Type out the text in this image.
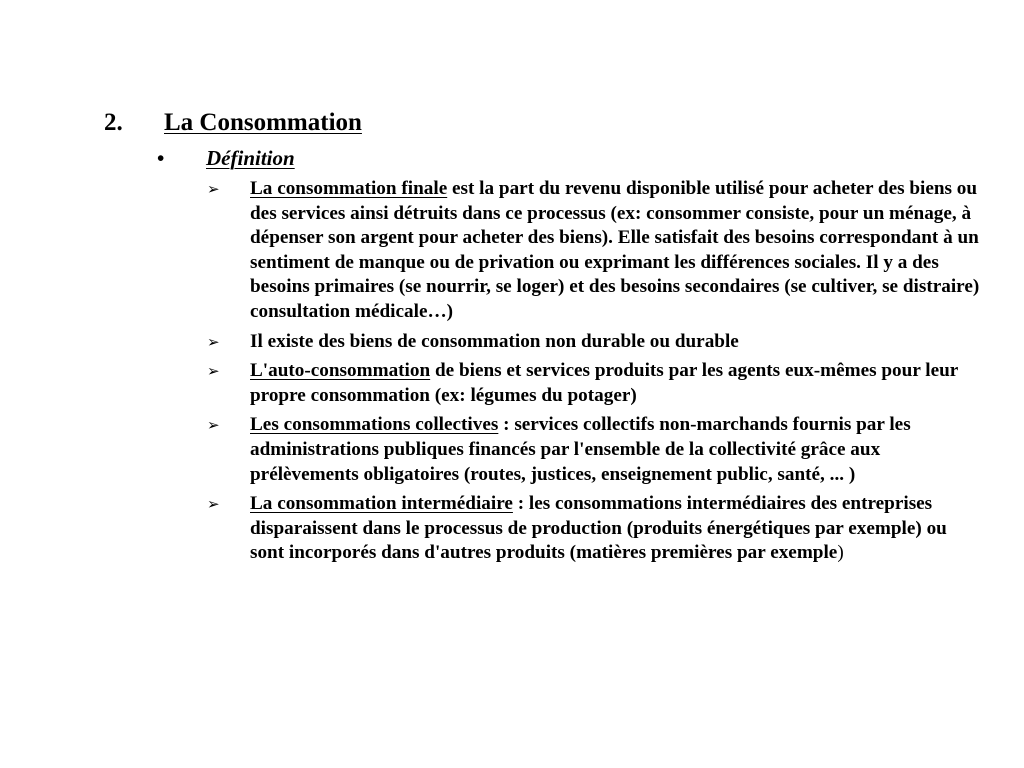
2. La Consommation
• Définition
➢ La consommation finale est la part du revenu disponible utilisé pour acheter des biens ou des services ainsi détruits dans ce processus (ex: consommer consiste, pour un ménage, à dépenser son argent pour acheter des biens). Elle satisfait des besoins correspondant à un sentiment de manque ou de privation ou exprimant les différences sociales. Il y a des besoins primaires (se nourrir, se loger) et des besoins secondaires (se cultiver, se distraire) consultation médicale…)
➢ Il existe des biens de consommation non durable ou durable
➢ L'auto-consommation de biens et services produits par les agents eux-mêmes pour leur propre consommation (ex: légumes du potager)
➢ Les consommations collectives : services collectifs non-marchands fournis par les administrations publiques financés par l'ensemble de la collectivité grâce aux prélèvements obligatoires (routes, justices, enseignement public, santé, ... )
➢ La consommation intermédiaire : les consommations intermédiaires des entreprises disparaissent dans le processus de production (produits énergétiques par exemple) ou sont incorporés dans d'autres produits (matières premières par exemple)
